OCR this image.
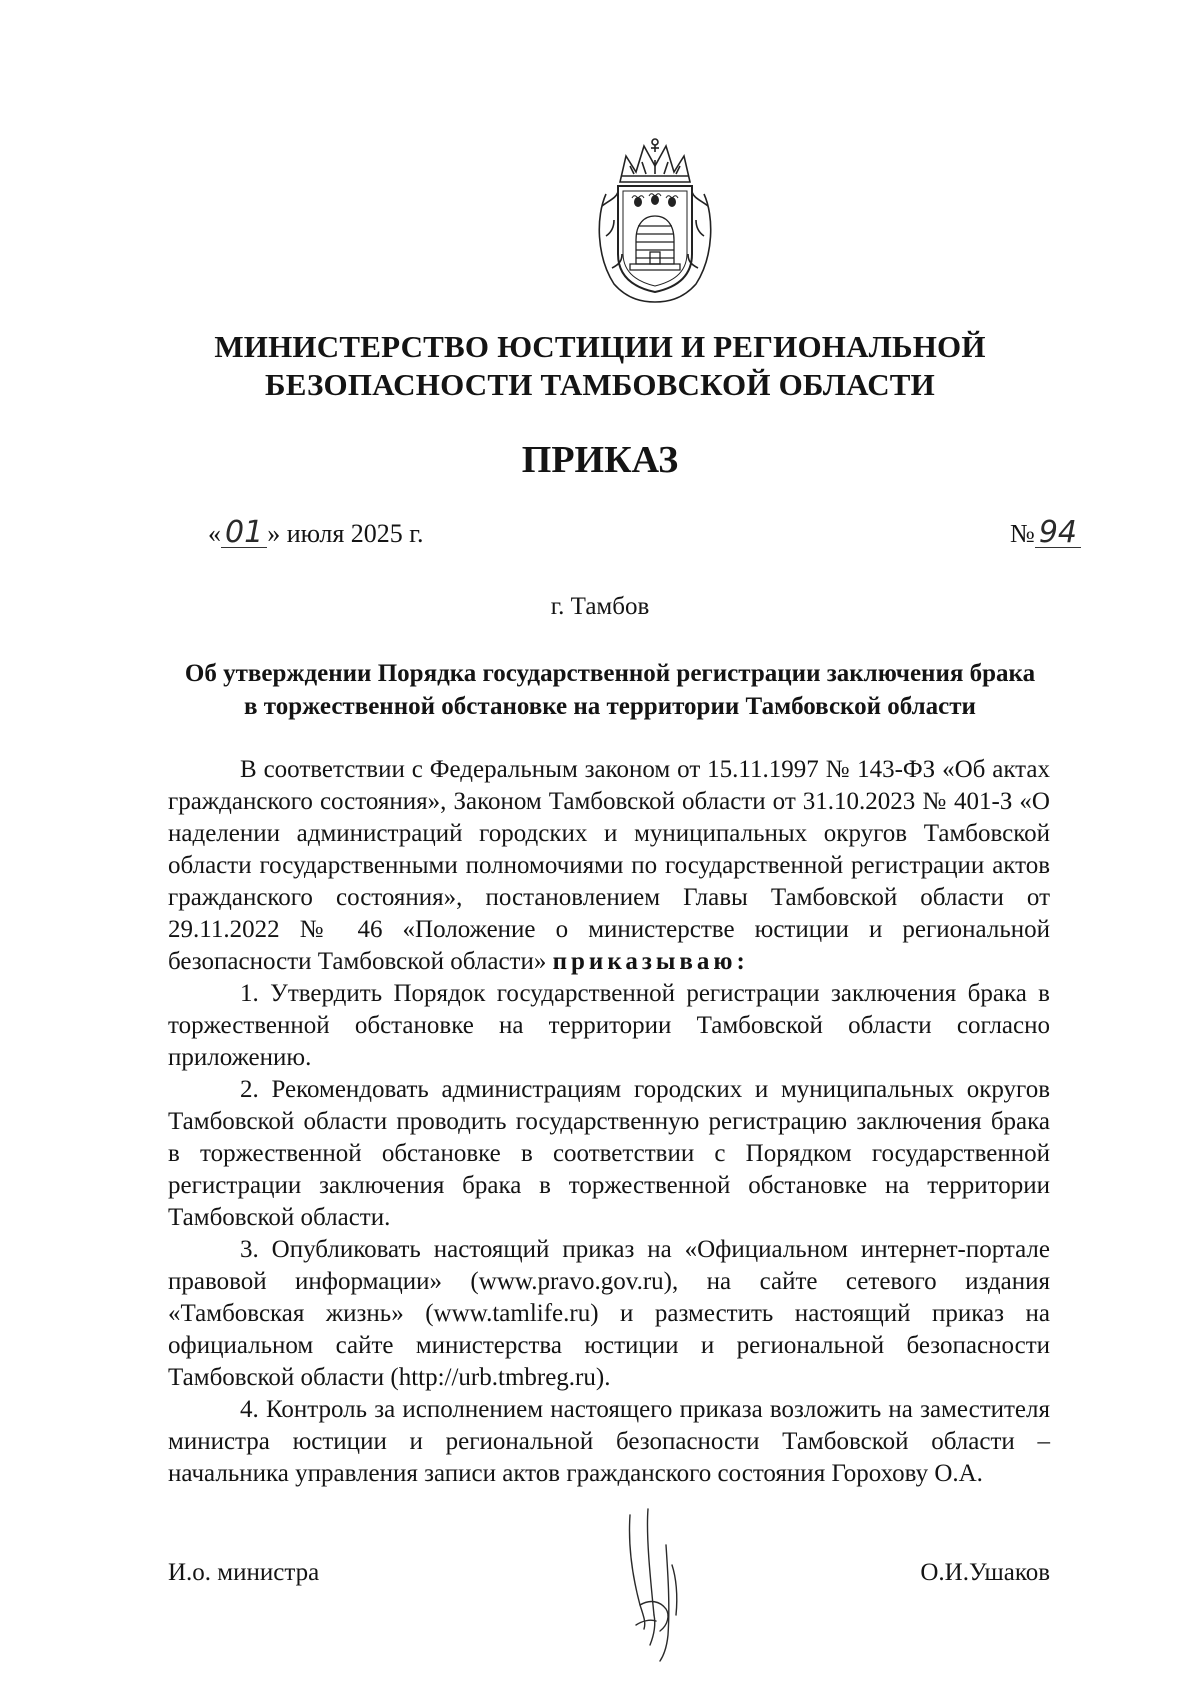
МИНИСТЕРСТВО ЮСТИЦИИ И РЕГИОНАЛЬНОЙ
БЕЗОПАСНОСТИ ТАМБОВСКОЙ ОБЛАСТИ
ПРИКАЗ
« 01 » июля 2025 г.	№ 94
г. Тамбов
Об утверждении Порядка государственной регистрации заключения брака
в торжественной обстановке на территории Тамбовской области

В соответствии с Федеральным законом от 15.11.1997 № 143-ФЗ «Об актах гражданского состояния», Законом Тамбовской области от 31.10.2023 № 401-З «О наделении администраций городских и муниципальных округов Тамбовской области государственными полномочиями по государственной регистрации актов гражданского состояния», постановлением Главы Тамбовской области от 29.11.2022 № 46 «Положение о министерстве юстиции и региональной безопасности Тамбовской области» приказываю:

1. Утвердить Порядок государственной регистрации заключения брака в торжественной обстановке на территории Тамбовской области согласно приложению.

2. Рекомендовать администрациям городских и муниципальных округов Тамбовской области проводить государственную регистрацию заключения брака в торжественной обстановке в соответствии с Порядком государственной регистрации заключения брака в торжественной обстановке на территории Тамбовской области.

3. Опубликовать настоящий приказ на «Официальном интернет-портале правовой информации» (www.pravo.gov.ru), на сайте сетевого издания «Тамбовская жизнь» (www.tamlife.ru) и разместить настоящий приказ на официальном сайте министерства юстиции и региональной безопасности Тамбовской области (http://urb.tmbreg.ru).

4. Контроль за исполнением настоящего приказа возложить на заместителя министра юстиции и региональной безопасности Тамбовской области – начальника управления записи актов гражданского состояния Горохову О.А.

И.о. министра	О.И.Ушаков
